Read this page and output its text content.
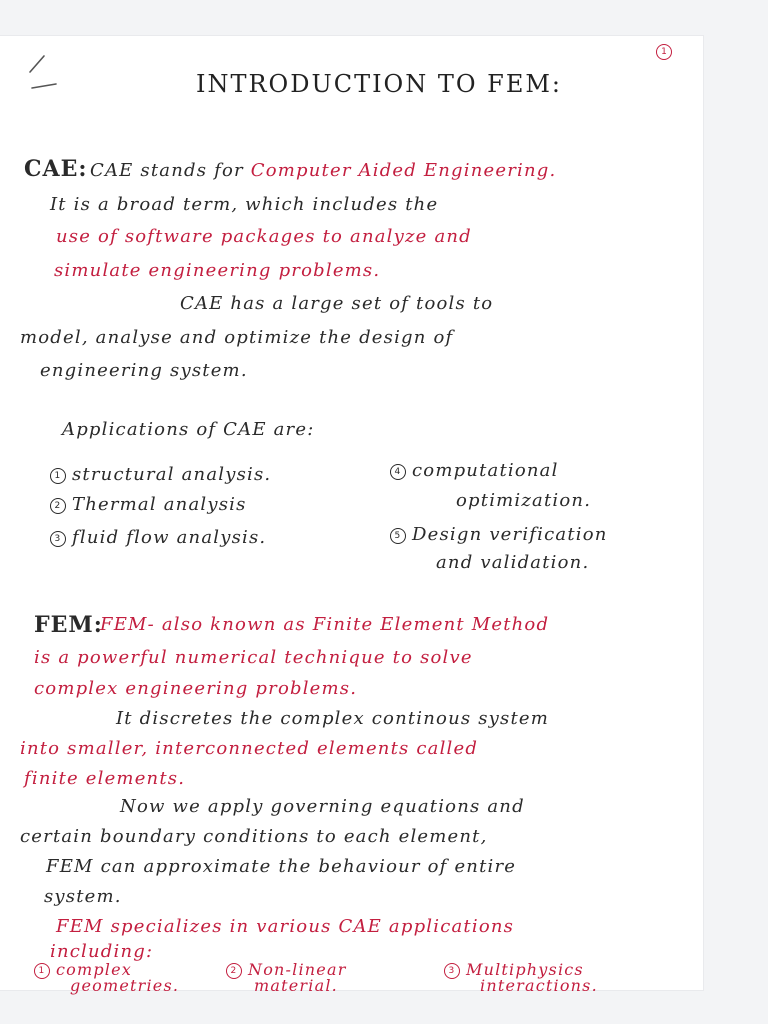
1
INTRODUCTION TO FEM:
CAE: CAE stands for Computer Aided Engineering.
It is a broad term, which includes the
use of software packages to analyze and
simulate engineering problems.
CAE has a large set of tools to
model, analyse and optimize the design of
engineering system.
Applications of CAE are:
1 structural analysis.
2 Thermal analysis
3 fluid flow analysis.
4 computational
optimization.
5 Design verification
and validation.
FEM:
FEM- also known as Finite Element Method
is a powerful numerical technique to solve
complex engineering problems.
It discretes the complex continous system
into smaller, interconnected elements called
finite elements.
Now we apply governing equations and
certain boundary conditions to each element,
FEM can approximate the behaviour of entire
system.
FEM specializes in various CAE applications
including:
1 complex
geometries.
2 Non-linear
material.
3 Multiphysics
interactions.
